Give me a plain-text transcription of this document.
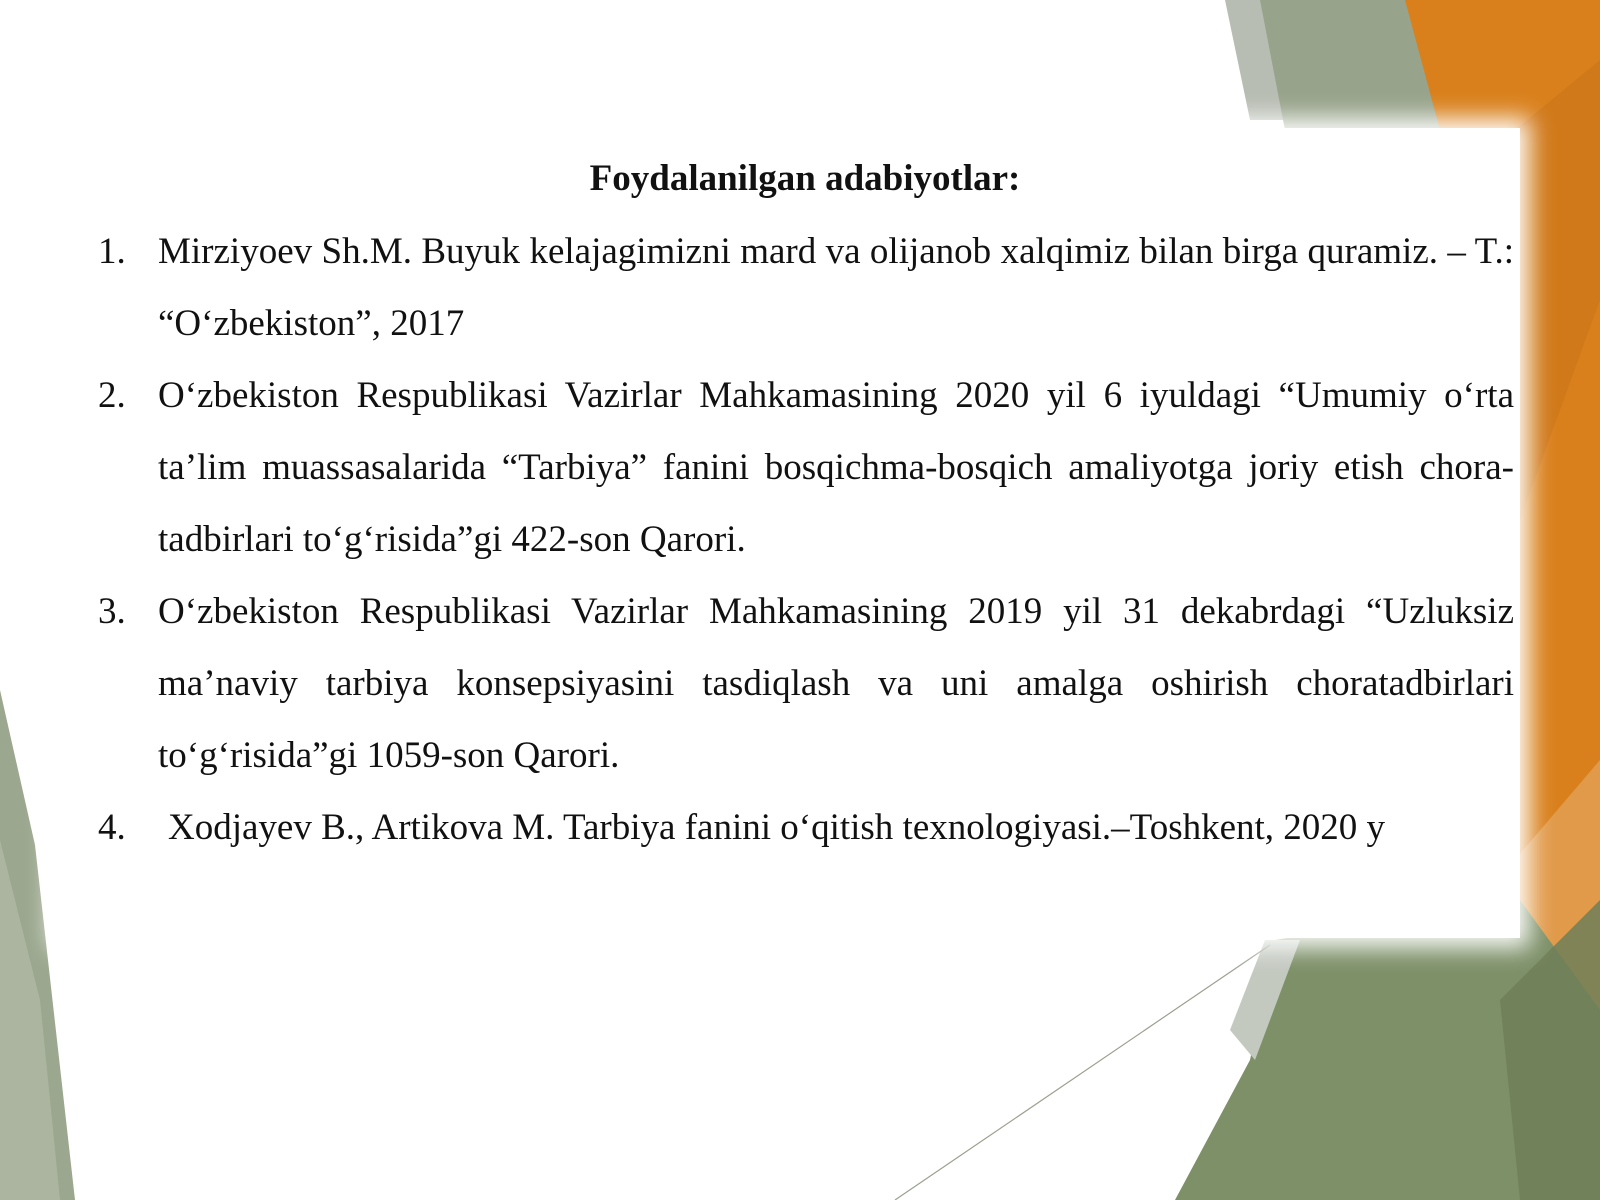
Foydalanilgan adabiyotlar:
1. Mirziyoev Sh.M. Buyuk kelajagimizni mard va olijanob xalqimiz bilan birga quramiz. – T.: “O‘zbekiston”, 2017
2. O‘zbekiston Respublikasi Vazirlar Mahkamasining 2020 yil 6 iyuldagi “Umumiy o‘rta ta’lim muassasalarida “Tarbiya” fanini bosqichma-bosqich amaliyotga joriy etish chora-tadbirlari to‘g‘risida”gi 422-son Qarori.
3. O‘zbekiston Respublikasi Vazirlar Mahkamasining 2019 yil 31 dekabrdagi “Uzluksiz ma’naviy tarbiya konsepsiyasini tasdiqlash va uni amalga oshirish choratadbirlari to‘g‘risida”gi 1059-son Qarori.
4. Xodjayev B., Artikova M. Tarbiya fanini o‘qitish texnologiyasi.–Toshkent, 2020 y
